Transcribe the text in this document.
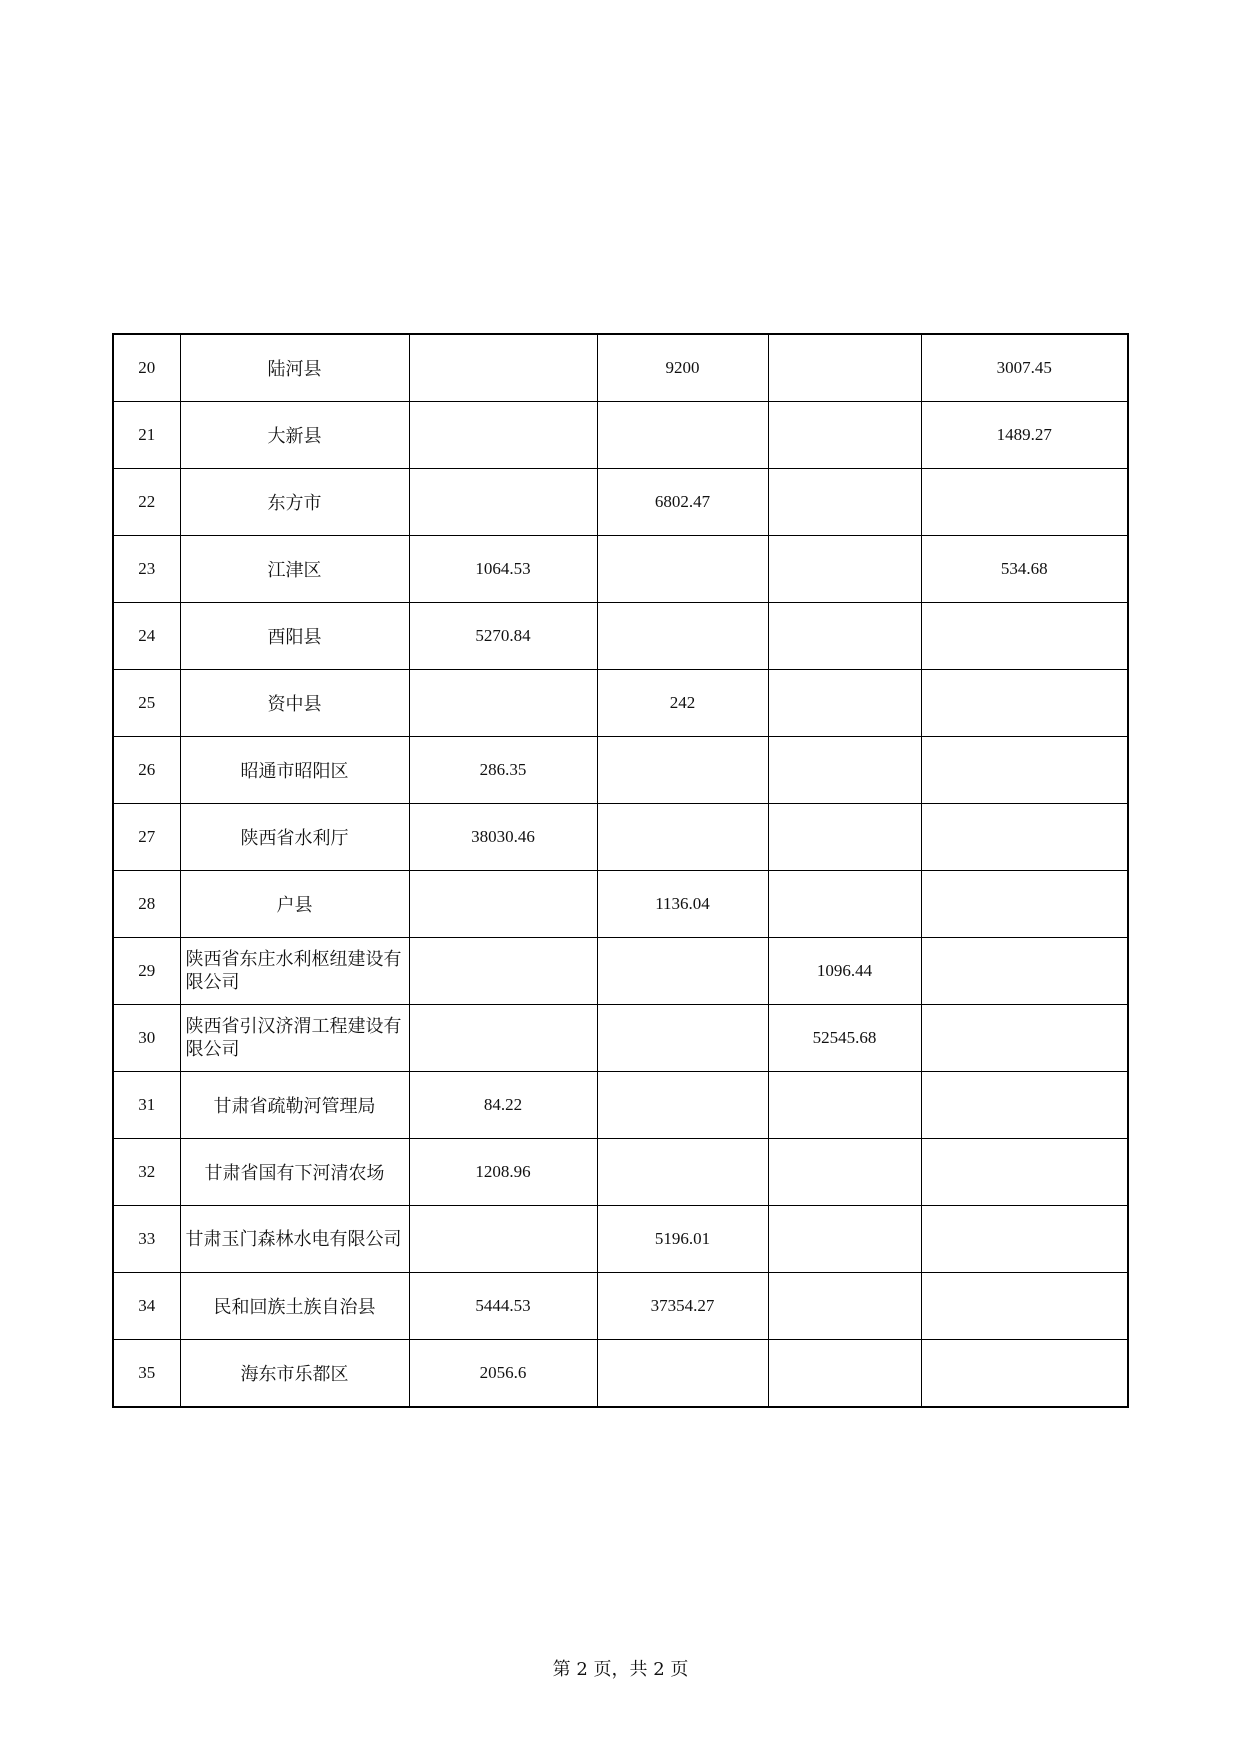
20	陆河县		9200		3007.45
21	大新县				1489.27
22	东方市		6802.47		
23	江津区	1064.53			534.68
24	酉阳县	5270.84			
25	资中县		242		
26	昭通市昭阳区	286.35			
27	陕西省水利厅	38030.46			
28	户县		1136.04		
29	陕西省东庄水利枢纽建设有限公司			1096.44	
30	陕西省引汉济渭工程建设有限公司			52545.68	
31	甘肃省疏勒河管理局	84.22			
32	甘肃省国有下河清农场	1208.96			
33	甘肃玉门森林水电有限公司		5196.01		
34	民和回族土族自治县	5444.53	37354.27		
35	海东市乐都区	2056.6			
第 2 页，共 2 页
